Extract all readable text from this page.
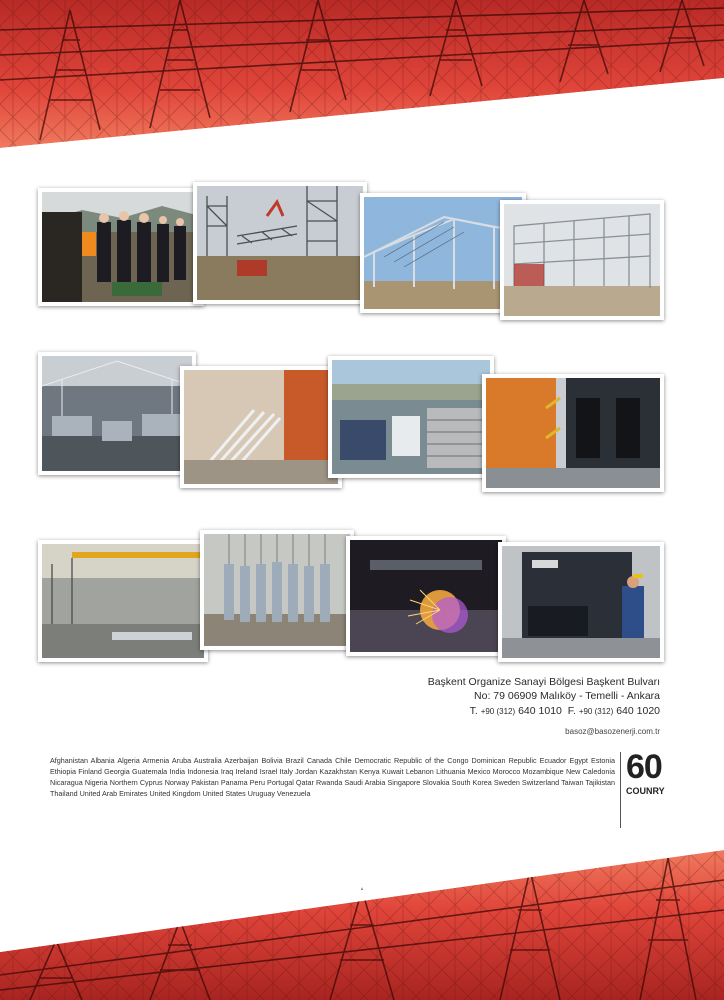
Başkent Organize Sanayi Bölgesi Başkent Bulvarı
No: 79 06909 Malıköy - Temelli - Ankara
T. +90 (312) 640 1010 F. +90 (312) 640 1020
basoz@basozenerji.com.tr
Afghanistan Albania Algeria Armenia Aruba Australia Azerbaijan Bolivia Brazil Canada Chile Democratic Republic of the Congo Dominican Republic Ecuador Egypt Estonia Ethiopia Finland Georgia Guatemala India Indonesia Iraq Ireland Israel Italy Jordan Kazakhstan Kenya Kuwait Lebanon Lithuania Mexico Morocco Mozambique New Caledonia Nicaragua Nigeria Northern Cyprus Norway Pakistan Panama Peru Portugal Qatar Rwanda Saudi Arabia Singapore Slovakia South Korea Sweden Switzerland Taiwan Tajikistan Thailand United Arab Emirates United Kingdom United States Uruguay Venezuela
60
COUNRY
